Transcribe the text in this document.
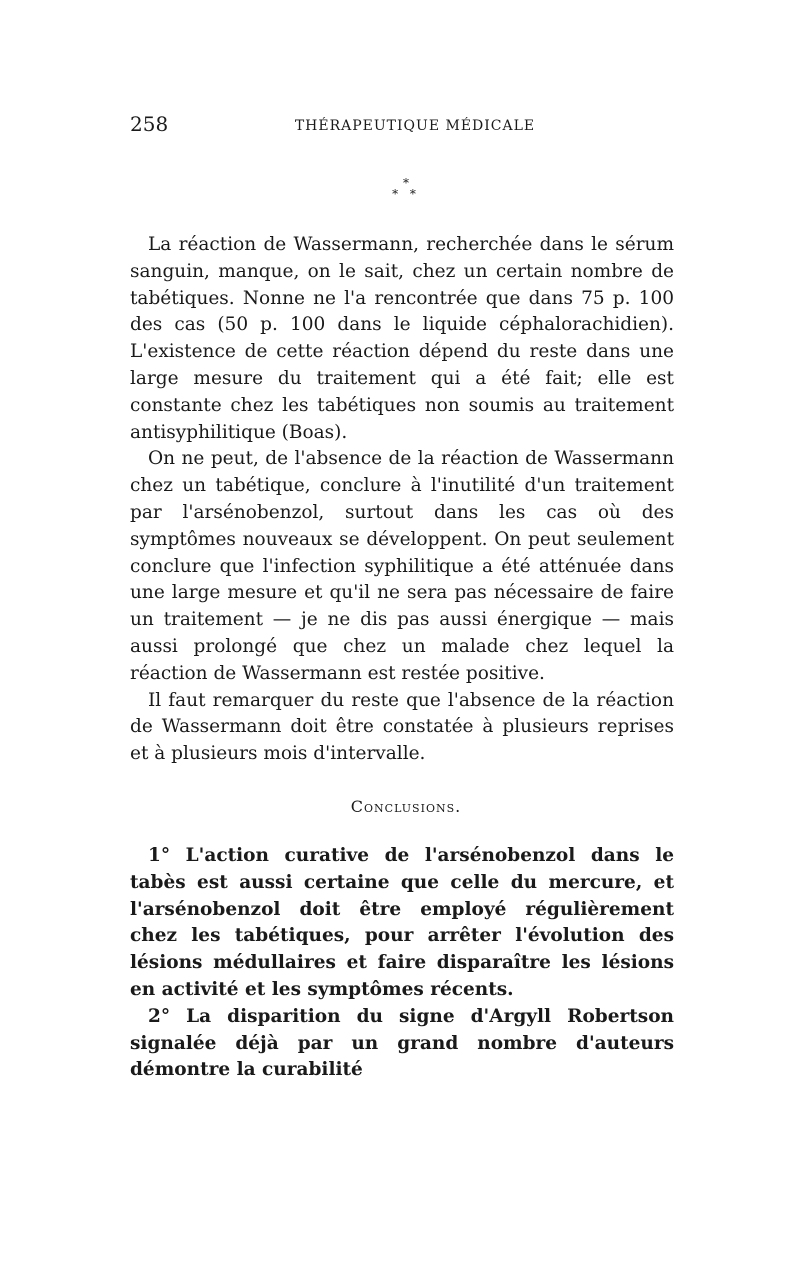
258	THÉRAPEUTIQUE MÉDICALE
*
* *

La réaction de Wassermann, recherchée dans le sérum sanguin, manque, on le sait, chez un certain nombre de tabétiques. Nonne ne l'a rencontrée que dans 75 p. 100 des cas (50 p. 100 dans le liquide céphalorachidien). L'existence de cette réaction dépend du reste dans une large mesure du traitement qui a été fait; elle est constante chez les tabétiques non soumis au traitement antisyphilitique (Boas).

On ne peut, de l'absence de la réaction de Wassermann chez un tabétique, conclure à l'inutilité d'un traitement par l'arsénobenzol, surtout dans les cas où des symptômes nouveaux se développent. On peut seulement conclure que l'infection syphilitique a été atténuée dans une large mesure et qu'il ne sera pas nécessaire de faire un traitement — je ne dis pas aussi énergique — mais aussi prolongé que chez un malade chez lequel la réaction de Wassermann est restée positive.

Il faut remarquer du reste que l'absence de la réaction de Wassermann doit être constatée à plusieurs reprises et à plusieurs mois d'intervalle.

Conclusions.

1° L'action curative de l'arsénobenzol dans le tabès est aussi certaine que celle du mercure, et l'arsénobenzol doit être employé régulièrement chez les tabétiques, pour arrêter l'évolution des lésions médullaires et faire disparaître les lésions en activité et les symptômes récents.

2° La disparition du signe d'Argyll Robertson signalée déjà par un grand nombre d'auteurs démontre la curabilité
